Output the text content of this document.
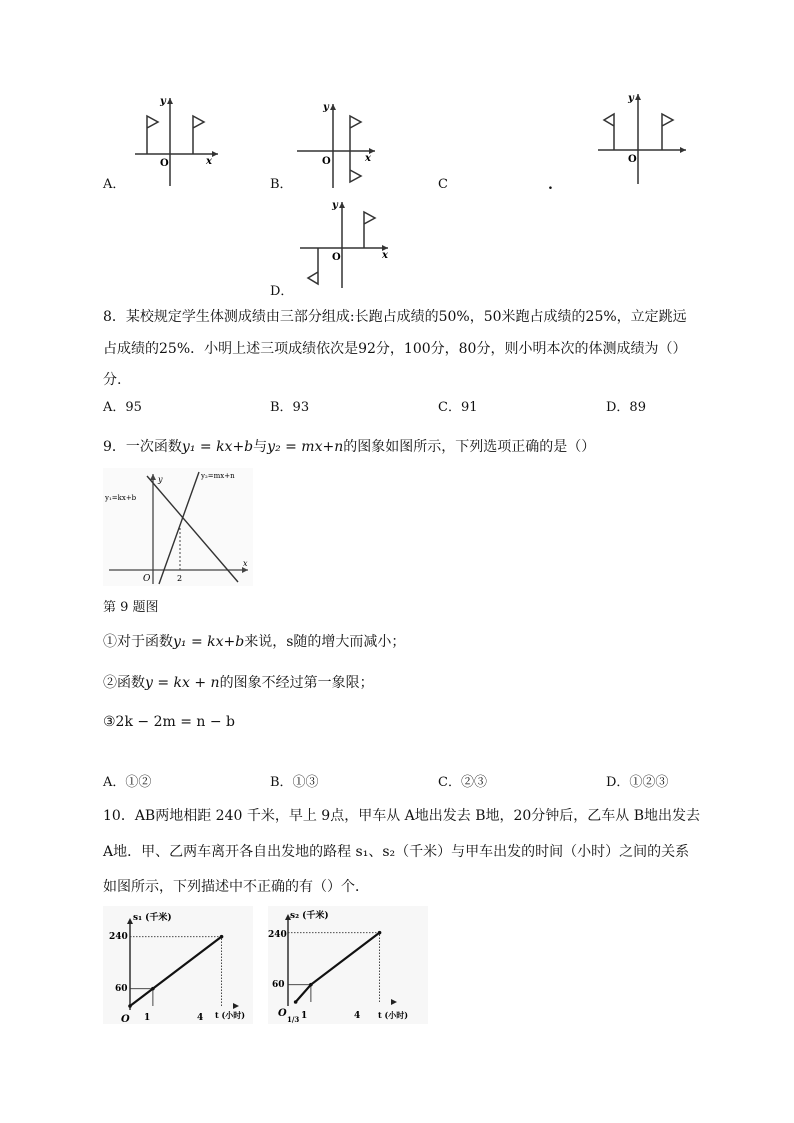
A．
O	x
y
B．
O	x
y
C	.
O
y
D．
O	x
y
8．某校规定学生体测成绩由三部分组成:长跑占成绩的50%，50米跑占成绩的25%，立定跳远
占成绩的25%．小明上述三项成绩依次是92分，100分，80分，则小明本次的体测成绩为（）
分.
A．95	B．93	C．91	D．89
9．一次函数y₁ = kx+b与y₂ = mx+n的图象如图所示，下列选项正确的是（）
O	2
y
x
y₁=kx+b
y₂=mx+n
第 9 题图
①对于函数y₁ = kx+b来说，s随的增大而减小；
②函数y = kx + n的图象不经过第一象限；
③2k − 2m = n − b
A．①②	B．①③	C．②③	D．①②③
10．AB两地相距 240 千米，早上 9点，甲车从 A地出发去 B地，20分钟后，乙车从 B地出发去
A地．甲、乙两车离开各自出发地的路程 s₁、s₂（千米）与甲车出发的时间（小时）之间的关系
如图所示，下列描述中不正确的有（）个．
s₁ (千米)
t (小时)
O
240
60
1	4
s₂ (千米)
t (小时)
O
240
60
1/3 1	4
